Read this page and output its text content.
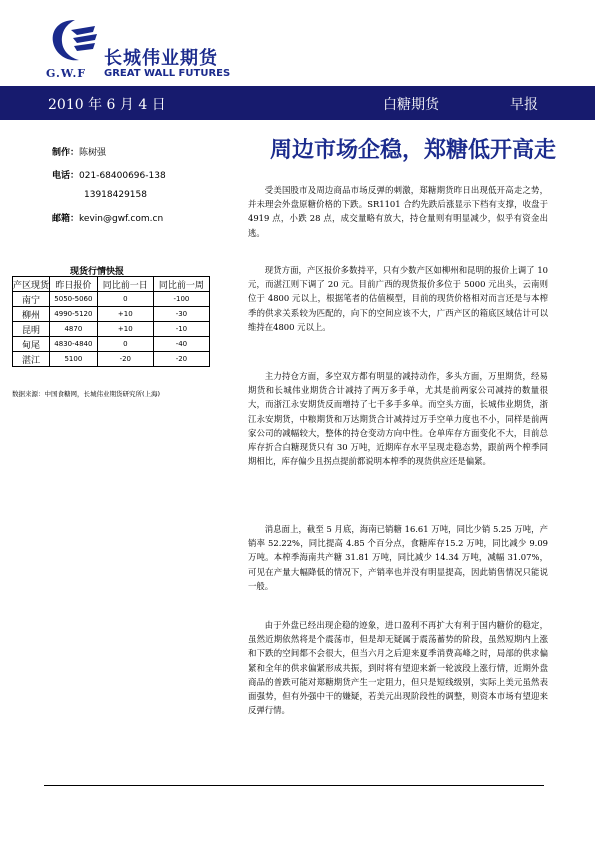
长城伟业期货
G.W.F GREAT WALL FUTURES
2010 年 6 月 4 日	白糖期货	早报
制作：陈树强
电话：021-68400696-138
13918429158
邮箱：kevin@gwf.com.cn
周边市场企稳，郑糖低开高走
现货行情快报
产区现货	昨日报价	同比前一日	同比前一周
南宁	5050-5060	0	-100
柳州	4990-5120	+10	-30
昆明	4870	+10	-10
甸尾	4830-4840	0	-40
湛江	5100	-20	-20
数据来源：中国食糖网，长城伟业期货研究所(上海)

受美国股市及周边商品市场反弹的刺激，郑糖期货昨日出现低开高走之势，并未理会外盘原糖价格的下跌。SR1101 合约先跌后涨显示下档有支撑，收盘于 4919 点，小跌 28 点，成交量略有放大，持仓量则有明显减少，似乎有资金出逃。

现货方面，产区报价多数持平，只有少数产区如柳州和昆明的报价上调了 10 元，而湛江则下调了 20 元。目前广西的现货报价多位于 5000 元出头，云南则位于 4800 元以上，根据笔者的估值模型，目前的现货价格相对而言还是与本榨季的供求关系较为匹配的，向下的空间应该不大，广西产区的箱底区域估计可以维持在4800 元以上。

主力持仓方面，多空双方都有明显的减持动作，多头方面，万里期货，经易期货和长城伟业期货合计减持了两万多手单，尤其是前两家公司减持的数量很大，而浙江永安期货反而增持了七千多手多单。而空头方面，长城伟业期货，浙江永安期货，中粮期货和万达期货合计减持过万手空单力度也不小，同样是前两家公司的减幅较大，整体的持仓变动方向中性。仓单库存方面变化不大，目前总库存折合白糖现货只有 30 万吨，近期库存水平呈现走稳态势，跟前两个榨季同期相比，库存偏少且拐点提前都说明本榨季的现货供应还是偏紧。

消息面上，截至 5 月底，海南已销糖 16.61 万吨，同比少销 5.25 万吨，产销率 52.22%，同比提高 4.85 个百分点，食糖库存15.2 万吨，同比减少 9.09 万吨。本榨季海南共产糖 31.81 万吨，同比减少 14.34 万吨，减幅 31.07%，可见在产量大幅降低的情况下，产销率也并没有明显提高，因此销售情况只能说一般。

由于外盘已经出现企稳的迹象，进口盈利不再扩大有利于国内糖价的稳定，虽然近期依然将是个震荡市，但是却无疑属于震荡蓄势的阶段，虽然短期内上涨和下跌的空间都不会很大，但当六月之后迎来夏季消费高峰之时，局部的供求偏紧和全年的供求偏紧形成共振，到时将有望迎来新一轮波段上涨行情，近期外盘商品的普跌可能对郑糖期货产生一定阻力，但只是短线级别，实际上美元虽然表面强势，但有外强中干的嫌疑，若美元出现阶段性的调整，则资本市场有望迎来反弹行情。
